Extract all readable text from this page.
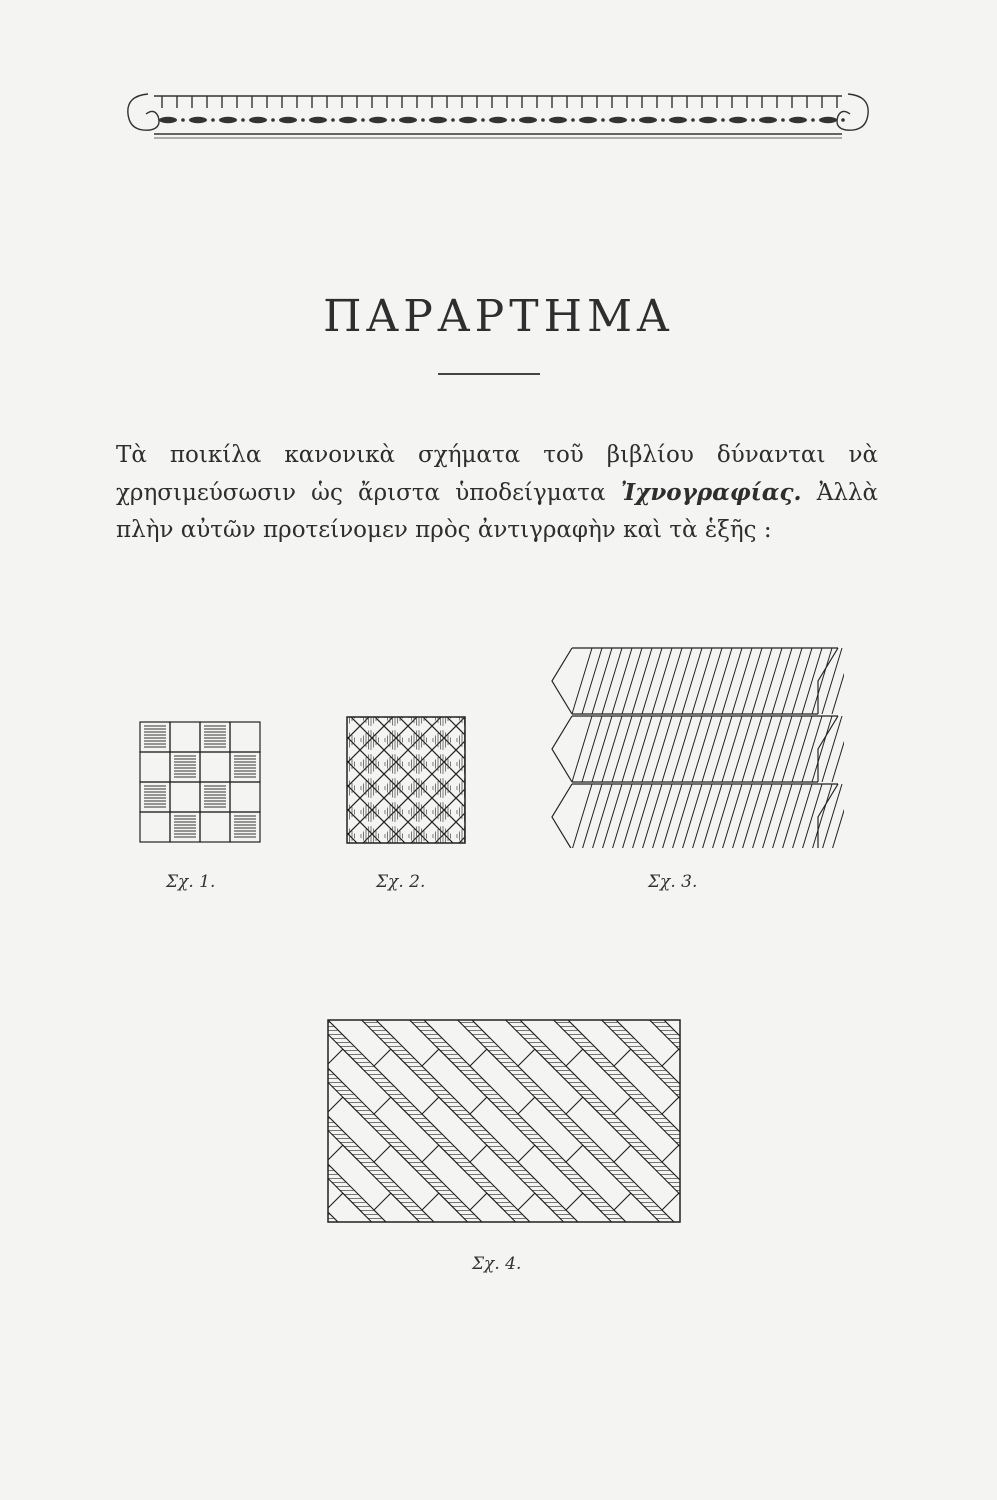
ΠΑΡΑΡΤΗΜΑ

Τὰ ποικίλα κανονικὰ σχήματα τοῦ βιβλίου δύνανται νὰ χρησιμεύσωσιν ὡς ἄριστα ὑποδείγματα Ἰχνογραφίας. Ἀλλὰ πλὴν αὐτῶν προτείνομεν πρὸς ἀντιγραφὴν καὶ τὰ ἑξῆς :

Σχ. 1.	Σχ. 2.	Σχ. 3.
Σχ. 4.
